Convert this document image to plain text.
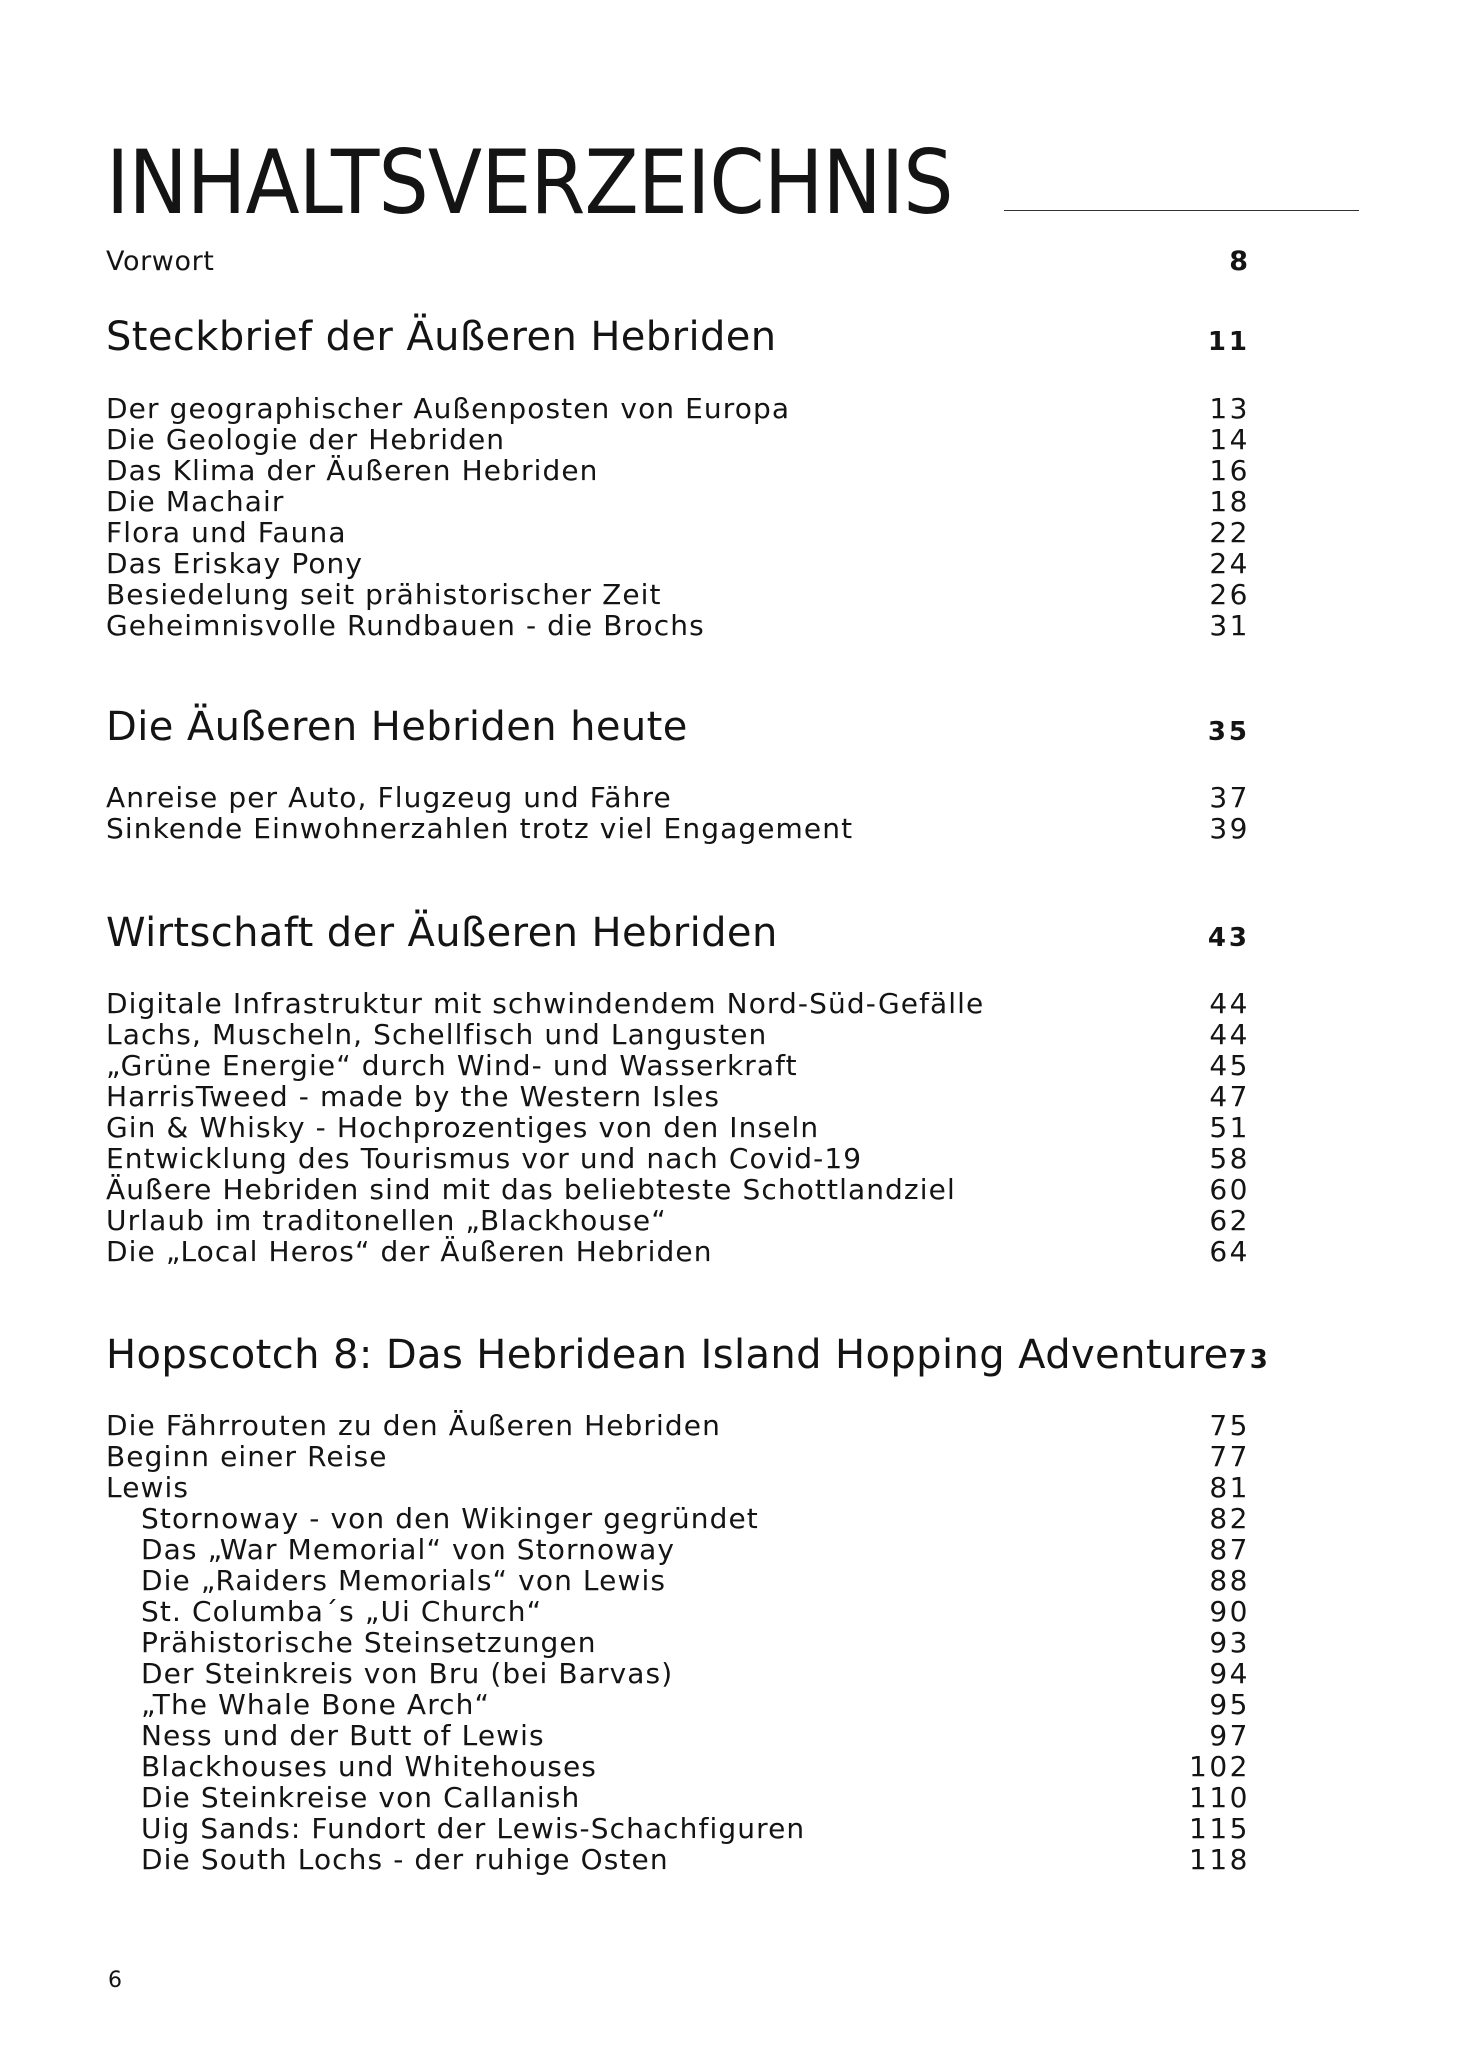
INHALTSVERZEICHNIS
Vorwort	8
Steckbrief der Äußeren Hebriden	11
Der geographischer Außenposten von Europa	13
Die Geologie der Hebriden	14
Das Klima der Äußeren Hebriden	16
Die Machair	18
Flora und Fauna	22
Das Eriskay Pony	24
Besiedelung seit prähistorischer Zeit	26
Geheimnisvolle Rundbauen - die Brochs	31
Die Äußeren Hebriden heute	35
Anreise per Auto, Flugzeug und Fähre	37
Sinkende Einwohnerzahlen trotz viel Engagement	39
Wirtschaft der Äußeren Hebriden	43
Digitale Infrastruktur mit schwindendem Nord-Süd-Gefälle	44
Lachs, Muscheln, Schellfisch und Langusten	44
„Grüne Energie“ durch Wind- und Wasserkraft	45
HarrisTweed - made by the Western Isles	47
Gin & Whisky - Hochprozentiges von den Inseln	51
Entwicklung des Tourismus vor und nach Covid-19	58
Äußere Hebriden sind mit das beliebteste Schottlandziel	60
Urlaub im traditonellen „Blackhouse“	62
Die „Local Heros“ der Äußeren Hebriden	64
Hopscotch 8: Das Hebridean Island Hopping Adventure 73
Die Fährrouten zu den Äußeren Hebriden	75
Beginn einer Reise	77
Lewis	81
Stornoway - von den Wikinger gegründet	82
Das „War Memorial“ von Stornoway	87
Die „Raiders Memorials“ von Lewis	88
St. Columba´s „Ui Church“	90
Prähistorische Steinsetzungen	93
Der Steinkreis von Bru (bei Barvas)	94
„The Whale Bone Arch“	95
Ness und der Butt of Lewis	97
Blackhouses und Whitehouses	102
Die Steinkreise von Callanish	110
Uig Sands: Fundort der Lewis-Schachfiguren	115
Die South Lochs - der ruhige Osten	118
6
